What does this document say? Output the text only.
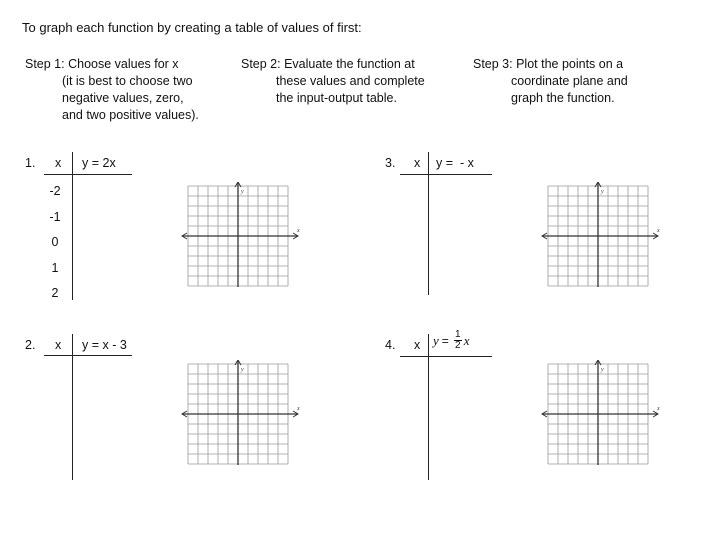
To graph each function by creating a table of values of first:
Step 1: Choose values for x
(it is best to choose two
negative values, zero,
and two positive values).
Step 2: Evaluate the function at
these values and complete
the input-output table.
Step 3: Plot the points on a
coordinate plane and
graph the function.
1. x y = 2x
-2
-1
0
1
2
2. x y = x - 3
3. x y =  - x
4. x $y = \frac{1}{2}$ x
y
x
y
x
y
x
y
x
